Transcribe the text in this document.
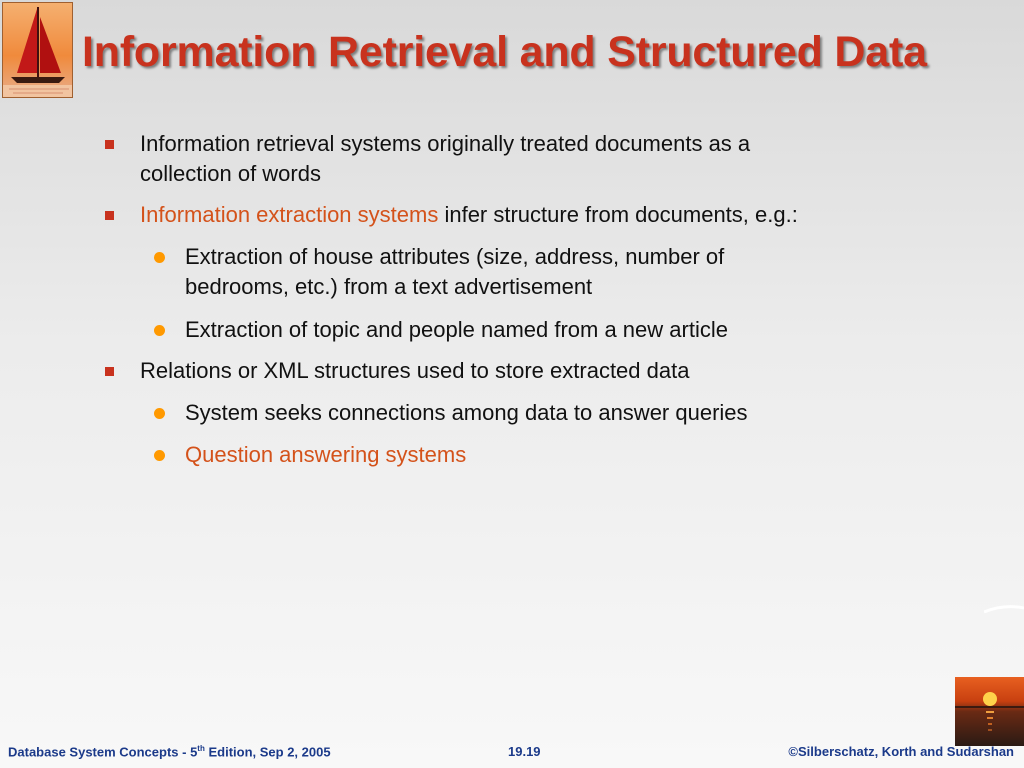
Information Retrieval and Structured Data
Information retrieval systems originally treated documents as a
collection of words
Information extraction systems infer structure from documents, e.g.:
Extraction of house attributes (size, address, number of
bedrooms, etc.) from a text advertisement
Extraction of topic and people named from a new article
Relations or XML structures used to store extracted data
System seeks connections among data to answer queries
Question answering systems
Database System Concepts - 5th Edition, Sep 2, 2005	19.19	©Silberschatz, Korth and Sudarshan
